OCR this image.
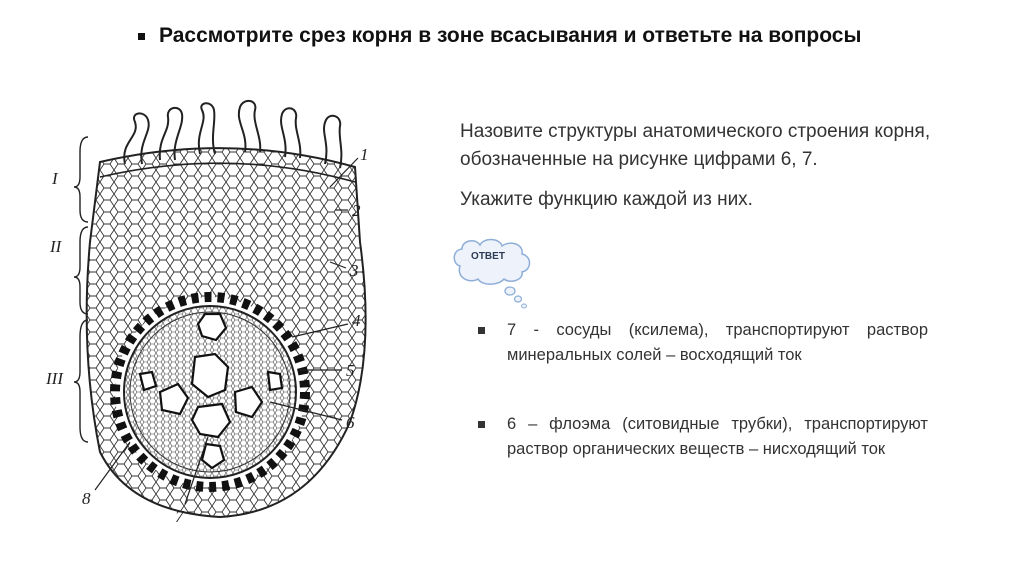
Рассмотрите срез корня в зоне всасывания и ответьте на вопросы
I
II
III
1
2
3
4
5
6
7
8

Назовите структуры анатомического строения корня,

обозначенные на рисунке цифрами 6, 7.

Укажите функцию каждой из них.

ОТВЕТ
7 - сосуды (ксилема), транспортируют раствор минеральных солей – восходящий ток
6 – флоэма (ситовидные трубки), транспортируют раствор органических веществ – нисходящий ток
